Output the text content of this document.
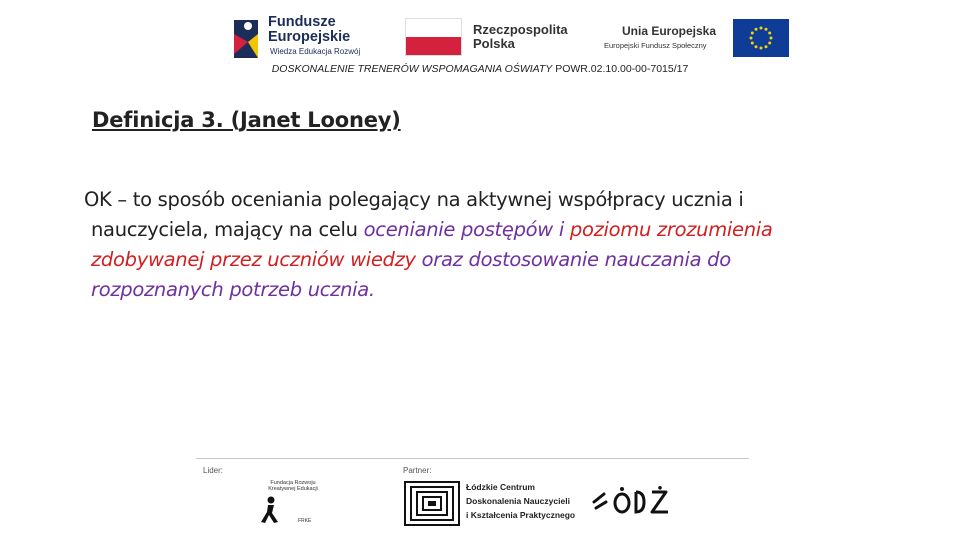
Fundusze Europejskie
Wiedza Edukacja Rozwój
Rzeczpospolita Polska
Unia Europejska
Europejski Fundusz Społeczny
DOSKONALENIE TRENERÓW WSPOMAGANIA OŚWIATY POWR.02.10.00-00-7015/17
Definicja 3. (Janet Looney)
OK – to sposób oceniania polegający na aktywnej współpracy ucznia i
nauczyciela, mający na celu ocenianie postępów i poziomu zrozumienia
zdobywanej przez uczniów wiedzy oraz dostosowanie nauczania do
rozpoznanych potrzeb ucznia.
Lider:	Partner:
Fundacja Rozwoju Kreatywnej Edukacji
FRKE
Łódzkie Centrum
Doskonalenia Nauczycieli
i Kształcenia Praktycznego
